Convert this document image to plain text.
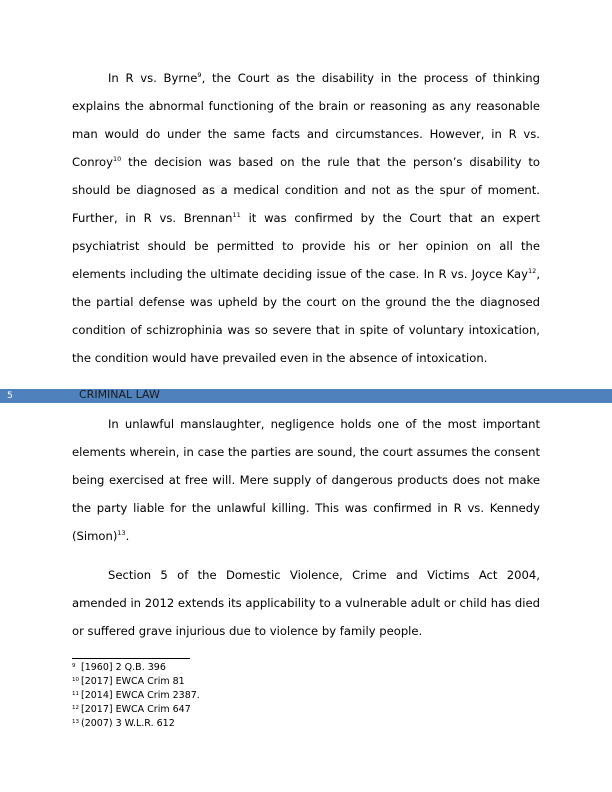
In R vs. Byrne$^9$, the Court as the disability in the process of thinking explains the abnormal functioning of the brain or reasoning as any reasonable man would do under the same facts and circumstances. However, in R vs. Conroy$^{10}$ the decision was based on the rule that the person’s disability to should be diagnosed as a medical condition and not as the spur of moment. Further, in R vs. Brennan$^{11}$ it was confirmed by the Court that an expert psychiatrist should be permitted to provide his or her opinion on all the elements including the ultimate deciding issue of the case. In R vs. Joyce Kay$^{12}$, the partial defense was upheld by the court on the ground the the diagnosed condition of schizrophinia was so severe that in spite of voluntary intoxication, the condition would have prevailed even in the absence of intoxication.

5	CRIMINAL LAW

In unlawful manslaughter, negligence holds one of the most important elements wherein, in case the parties are sound, the court assumes the consent being exercised at free will. Mere supply of dangerous products does not make the party liable for the unlawful killing. This was confirmed in R vs. Kennedy (Simon)$^{13}$.

Section 5 of the Domestic Violence, Crime and Victims Act 2004, amended in 2012 extends its applicability to a vulnerable adult or child has died or suffered grave injurious due to violence by family people.

9 [1960] 2 Q.B. 396
10 [2017] EWCA Crim 81
11 [2014] EWCA Crim 2387.
12 [2017] EWCA Crim 647
13 (2007) 3 W.L.R. 612
